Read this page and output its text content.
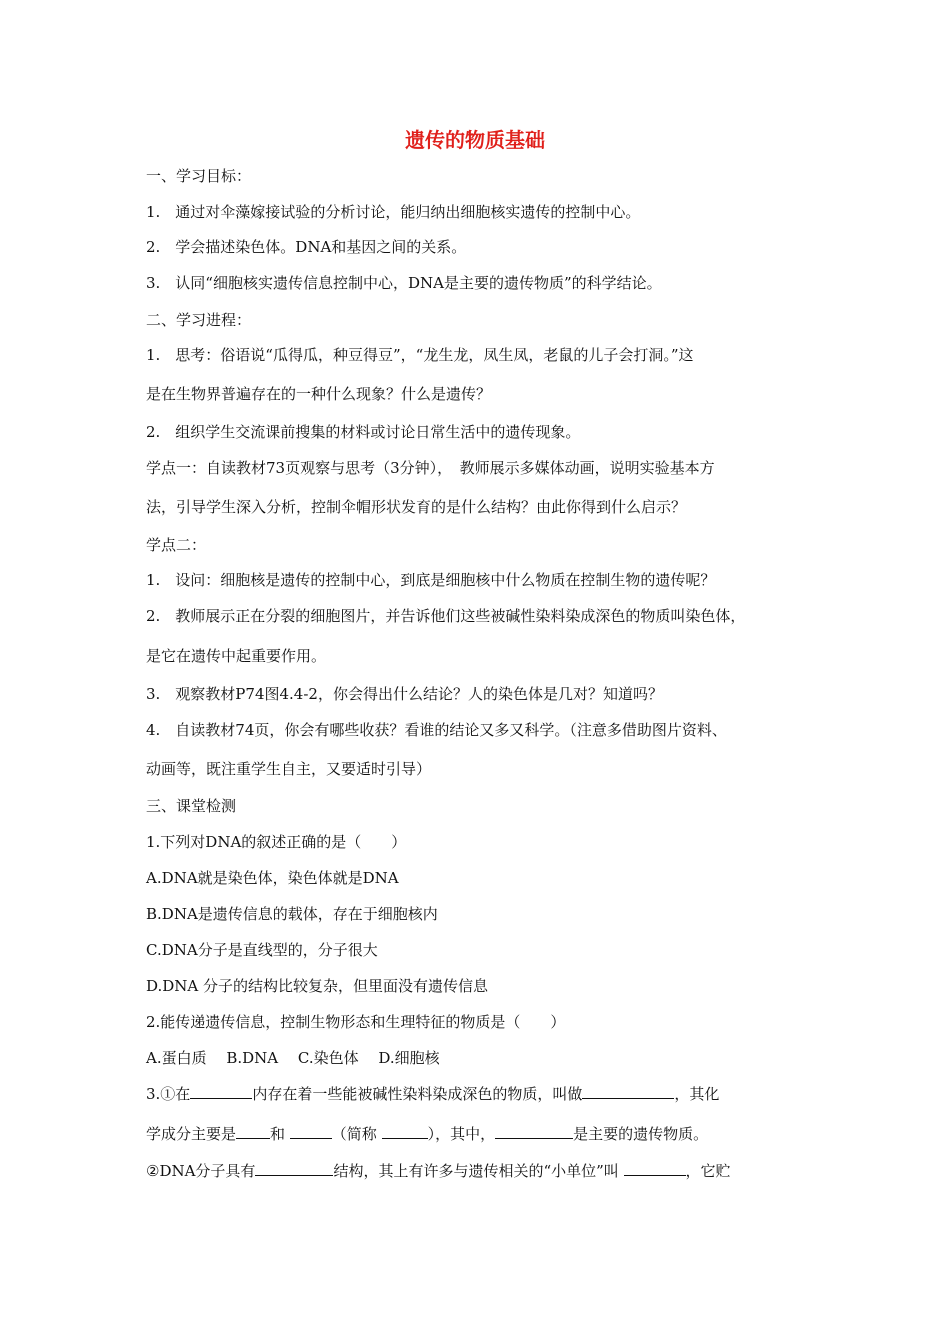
遗传的物质基础
一、学习目标：
1.　通过对伞藻嫁接试验的分析讨论，能归纳出细胞核实遗传的控制中心。
2.　学会描述染色体。DNA和基因之间的关系。
3.　认同“细胞核实遗传信息控制中心，DNA是主要的遗传物质”的科学结论。
二、学习进程：
1.　思考：俗语说“瓜得瓜，种豆得豆”，“龙生龙，凤生凤，老鼠的儿子会打洞。”这
是在生物界普遍存在的一种什么现象？什么是遗传？
2.　组织学生交流课前搜集的材料或讨论日常生活中的遗传现象。
学点一：自读教材73页观察与思考（3分钟），　教师展示多媒体动画，说明实验基本方
法，引导学生深入分析，控制伞帽形状发育的是什么结构？由此你得到什么启示？
学点二：
1.　设问：细胞核是遗传的控制中心，到底是细胞核中什么物质在控制生物的遗传呢？
2.　教师展示正在分裂的细胞图片，并告诉他们这些被碱性染料染成深色的物质叫染色体，
是它在遗传中起重要作用。
3.　观察教材P74图4.4-2，你会得出什么结论？人的染色体是几对？知道吗？
4.　自读教材74页，你会有哪些收获？看谁的结论又多又科学。（注意多借助图片资料、
动画等，既注重学生自主，又要适时引导）
三、课堂检测
1.下列对DNA的叙述正确的是（　　）
A.DNA就是染色体，染色体就是DNA
B.DNA是遗传信息的载体，存在于细胞核内
C.DNA分子是直线型的，分子很大
D.DNA 分子的结构比较复杂，但里面没有遗传信息
2.能传递遗传信息，控制生物形态和生理特征的物质是（　　）
A.蛋白质　 B.DNA　 C.染色体　 D.细胞核
3.①在	内存在着一些能被碱性染料染成深色的物质，叫做	，其化
学成分主要是 和	（简称	），其中，	是主要的遗传物质。
②DNA分子具有	结构，其上有许多与遗传相关的“小单位”叫	，它贮
